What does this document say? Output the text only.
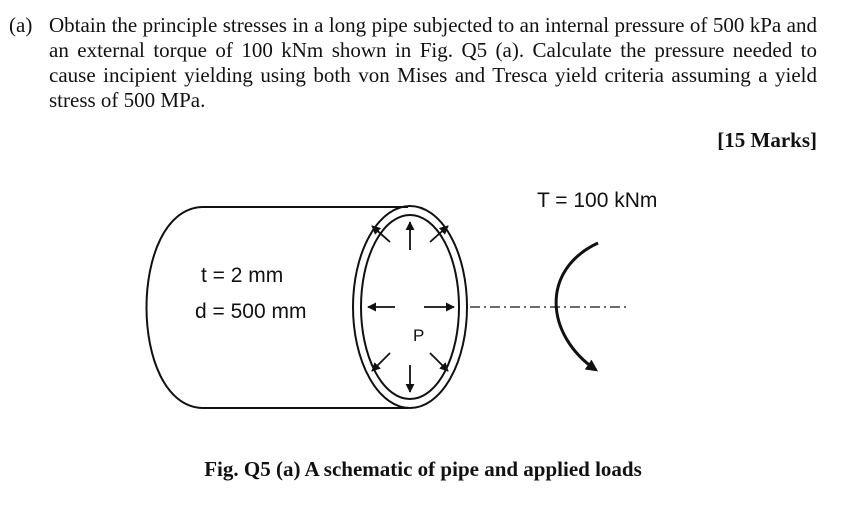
(a) Obtain the principle stresses in a long pipe subjected to an internal pressure of 500 kPa and an external torque of 100 kNm shown in Fig. Q5 (a). Calculate the pressure needed to cause incipient yielding using both von Mises and Tresca yield criteria assuming a yield stress of 500 MPa.
[15 Marks]
T = 100 kNm
t = 2 mm
d = 500 mm
P
Fig. Q5 (a) A schematic of pipe and applied loads
